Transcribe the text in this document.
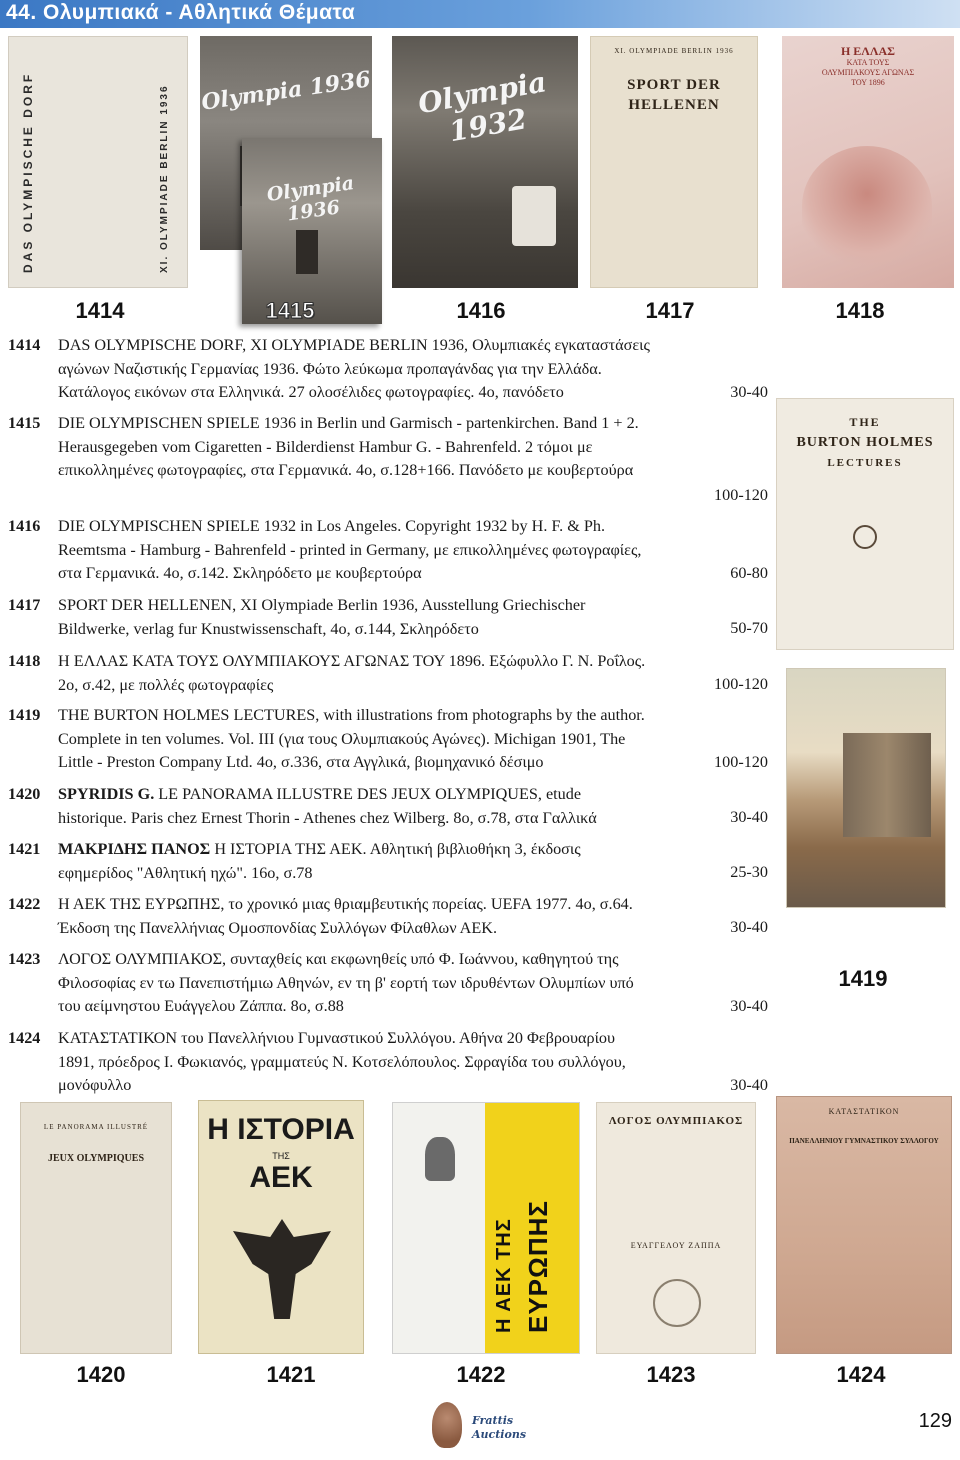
44. Ολυμπιακά - Αθλητικά Θέματα
DAS OLYMPISCHE DORF	XI. OLYMPIADE BERLIN 1936 Olympia 1936
Olympia 1936
Olympia 1932
XI. OLYMPIADE BERLIN 1936
SPORT DER
HELLENEN
Η ΕΛΛΑΣ
ΚΑΤΑ ΤΟΥΣ
ΟΛΥΜΠΙΑΚΟΥΣ ΑΓΩΝΑΣ
ΤΟΥ 1896
1414	1415	1416	1417	1418
THE
BURTON HOLMES
LECTURES
1419
1414	DAS OLYMPISCHE DORF, XI OLYMPIADE BERLIN 1936, Ολυμπιακές εγκαταστάσεις
αγώνων Ναζιστικής Γερμανίας 1936. Φώτο λεύκωμα προπαγάνδας για την Ελλάδα.
Κατάλογος εικόνων στα Ελληνικά. 27 ολοσέλιδες φωτογραφίες. 4ο, πανόδετο	30-40
1415	DIE OLYMPISCHEN SPIELE 1936 in Berlin und Garmisch - partenkirchen. Band 1 + 2.
Herausgegeben vom Cigaretten - Bilderdienst Hambur G. - Bahrenfeld. 2 τόμοι με
επικολλημένες φωτογραφίες, στα Γερμανικά. 4ο, σ.128+166. Πανόδετο με κουβερτούρα
100-120
1416	DIE OLYMPISCHEN SPIELE 1932 in Los Angeles. Copyright 1932 by H. F. & Ph.
Reemtsma - Hamburg - Bahrenfeld - printed in Germany, με επικολλημένες φωτογραφίες,
στα Γερμανικά. 4ο, σ.142. Σκληρόδετο με κουβερτούρα	60-80
1417	SPORT DER HELLENEN, XI Olympiade Berlin 1936, Ausstellung Griechischer
Bildwerke, verlag fur Knustwissenschaft, 4ο, σ.144, Σκληρόδετο	50-70
1418	Η ΕΛΛΑΣ ΚΑΤΑ ΤΟΥΣ ΟΛΥΜΠΙΑΚΟΥΣ ΑΓΩΝΑΣ ΤΟΥ 1896. Εξώφυλλο Γ. Ν. Ροΐλος.
2ο, σ.42, με πολλές φωτογραφίες	100-120
1419	THE BURTON HOLMES LECTURES, with illustrations from photographs by the author.
Complete in ten volumes. Vol. III (για τους Ολυμπιακούς Αγώνες). Michigan 1901, The
Little - Preston Company Ltd. 4ο, σ.336, στα Αγγλικά, βιομηχανικό δέσιμο	100-120
1420	SPYRIDIS G. LE PANORAMA ILLUSTRE DES JEUX OLYMPIQUES, etude
historique. Paris chez Ernest Thorin - Athenes chez Wilberg. 8ο, σ.78, στα Γαλλικά	30-40
1421	ΜΑΚΡΙΔΗΣ ΠΑΝΟΣ Η ΙΣΤΟΡΙΑ ΤΗΣ ΑΕΚ. Αθλητική βιβλιοθήκη 3, έκδοσις
εφημερίδος "Αθλητική ηχώ". 16ο, σ.78	25-30
1422	Η ΑΕΚ ΤΗΣ ΕΥΡΩΠΗΣ, το χρονικό μιας θριαμβευτικής πορείας. UEFA 1977. 4ο, σ.64.
Έκδοση της Πανελλήνιας Ομοσπονδίας Συλλόγων Φίλαθλων ΑΕΚ.	30-40
1423	ΛΟΓΟΣ ΟΛΥΜΠΙΑΚΟΣ, συνταχθείς και εκφωνηθείς υπό Φ. Ιωάννου, καθηγητού της
Φιλοσοφίας εν τω Πανεπιστήμιω Αθηνών, εν τη β' εορτή των ιδρυθέντων Ολυμπίων υπό
του αείμνηστου Ευάγγελου Ζάππα. 8ο, σ.88	30-40
1424	ΚΑΤΑΣΤΑΤΙΚΟΝ του Πανελλήνιου Γυμναστικού Συλλόγου. Αθήνα 20 Φεβρουαρίου
1891, πρόεδρος Ι. Φωκιανός, γραμματεύς Ν. Κοτσελόπουλος. Σφραγίδα του συλλόγου,
μονόφυλλο	30-40
LE PANORAMA ILLUSTRÉ
JEUX OLYMPIQUES
Η ΙΣΤΟΡΙΑ
ΤΗΣ
ΑΕΚ
Η ΑΕΚ ΤΗΣ ΕΥΡΩΠΗΣ
ΛΟΓΟΣ ΟΛΥΜΠΙΑΚΟΣ
ΕΥΑΓΓΕΛΟΥ ΖΑΠΠΑ
ΚΑΤΑΣΤΑΤΙΚΟΝ
ΠΑΝΕΛΛΗΝΙΟΥ ΓΥΜΝΑΣΤΙΚΟΥ ΣΥΛΛΟΓΟΥ
1420	1421	1422	1423	1424
Frattis
Auctions
129
